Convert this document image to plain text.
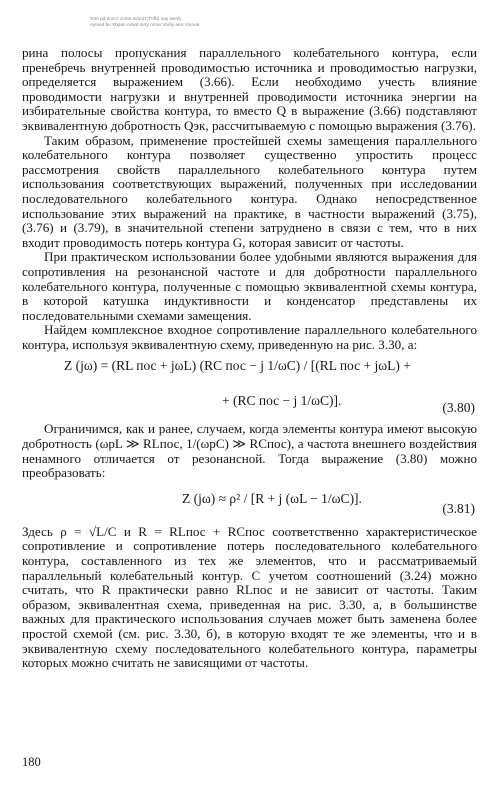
Tom pd:nnnrz cnme:Inmnrz;Tnfb) nay awnly
Aytved bu Xhpan Aitwd mrty nrroo:Varliy ann:Ymnua

рина полосы пропускания параллельного колебательного контура, если пренебречь внутренней проводимостью источника и проводимостью нагрузки, определяется выражением (3.66). Если необходимо учесть влияние проводимости нагрузки и внутренней проводимости источника энергии на избирательные свойства контура, то вместо Q в выражение (3.66) подставляют эквивалентную добротность Qэк, рассчитываемую с помощью выражения (3.76).

Таким образом, применение простейшей схемы замещения параллельного колебательного контура позволяет существенно упростить процесс рассмотрения свойств параллельного колебательного контура путем использования соответствующих выражений, полученных при исследовании последовательного колебательного контура. Однако непосредственное использование этих выражений на практике, в частности выражений (3.75), (3.76) и (3.79), в значительной степени затруднено в связи с тем, что в них входит проводимость потерь контура G, которая зависит от частоты.

При практическом использовании более удобными являются выражения для сопротивления на резонансной частоте и для добротности параллельного колебательного контура, полученные с помощью эквивалентной схемы контура, в которой катушка индуктивности и конденсатор представлены их последовательными схемами замещения.

Найдем комплексное входное сопротивление параллельного колебательного контура, используя эквивалентную схему, приведенную на рис. 3.30, а:

Z (jω) = (RL пос + jωL) (RC пос − j 1/ωC) / [(RL пос + jωL) +
+ (RC пос − j 1/ωC)].	(3.80)

Ограничимся, как и ранее, случаем, когда элементы контура имеют высокую добротность (ωрL ≫ RLпос, 1/(ωрC) ≫ RCпос), а частота внешнего воздействия ненамного отличается от резонансной. Тогда выражение (3.80) можно преобразовать:

Z (jω) ≈ ρ² / [R + j (ωL − 1/ωC)].
(3.81)

Здесь ρ = √L/C и R = RLпос + RCпос соответственно характеристическое сопротивление и сопротивление потерь последовательного колебательного контура, составленного из тех же элементов, что и рассматриваемый параллельный колебательный контур. С учетом соотношений (3.24) можно считать, что R практически равно RLпос и не зависит от частоты. Таким образом, эквивалентная схема, приведенная на рис. 3.30, а, в большинстве важных для практического использования случаев может быть заменена более простой схемой (см. рис. 3.30, б), в которую входят те же элементы, что и в эквивалентную схему последовательного колебательного контура, параметры которых можно считать не зависящими от частоты.

180
